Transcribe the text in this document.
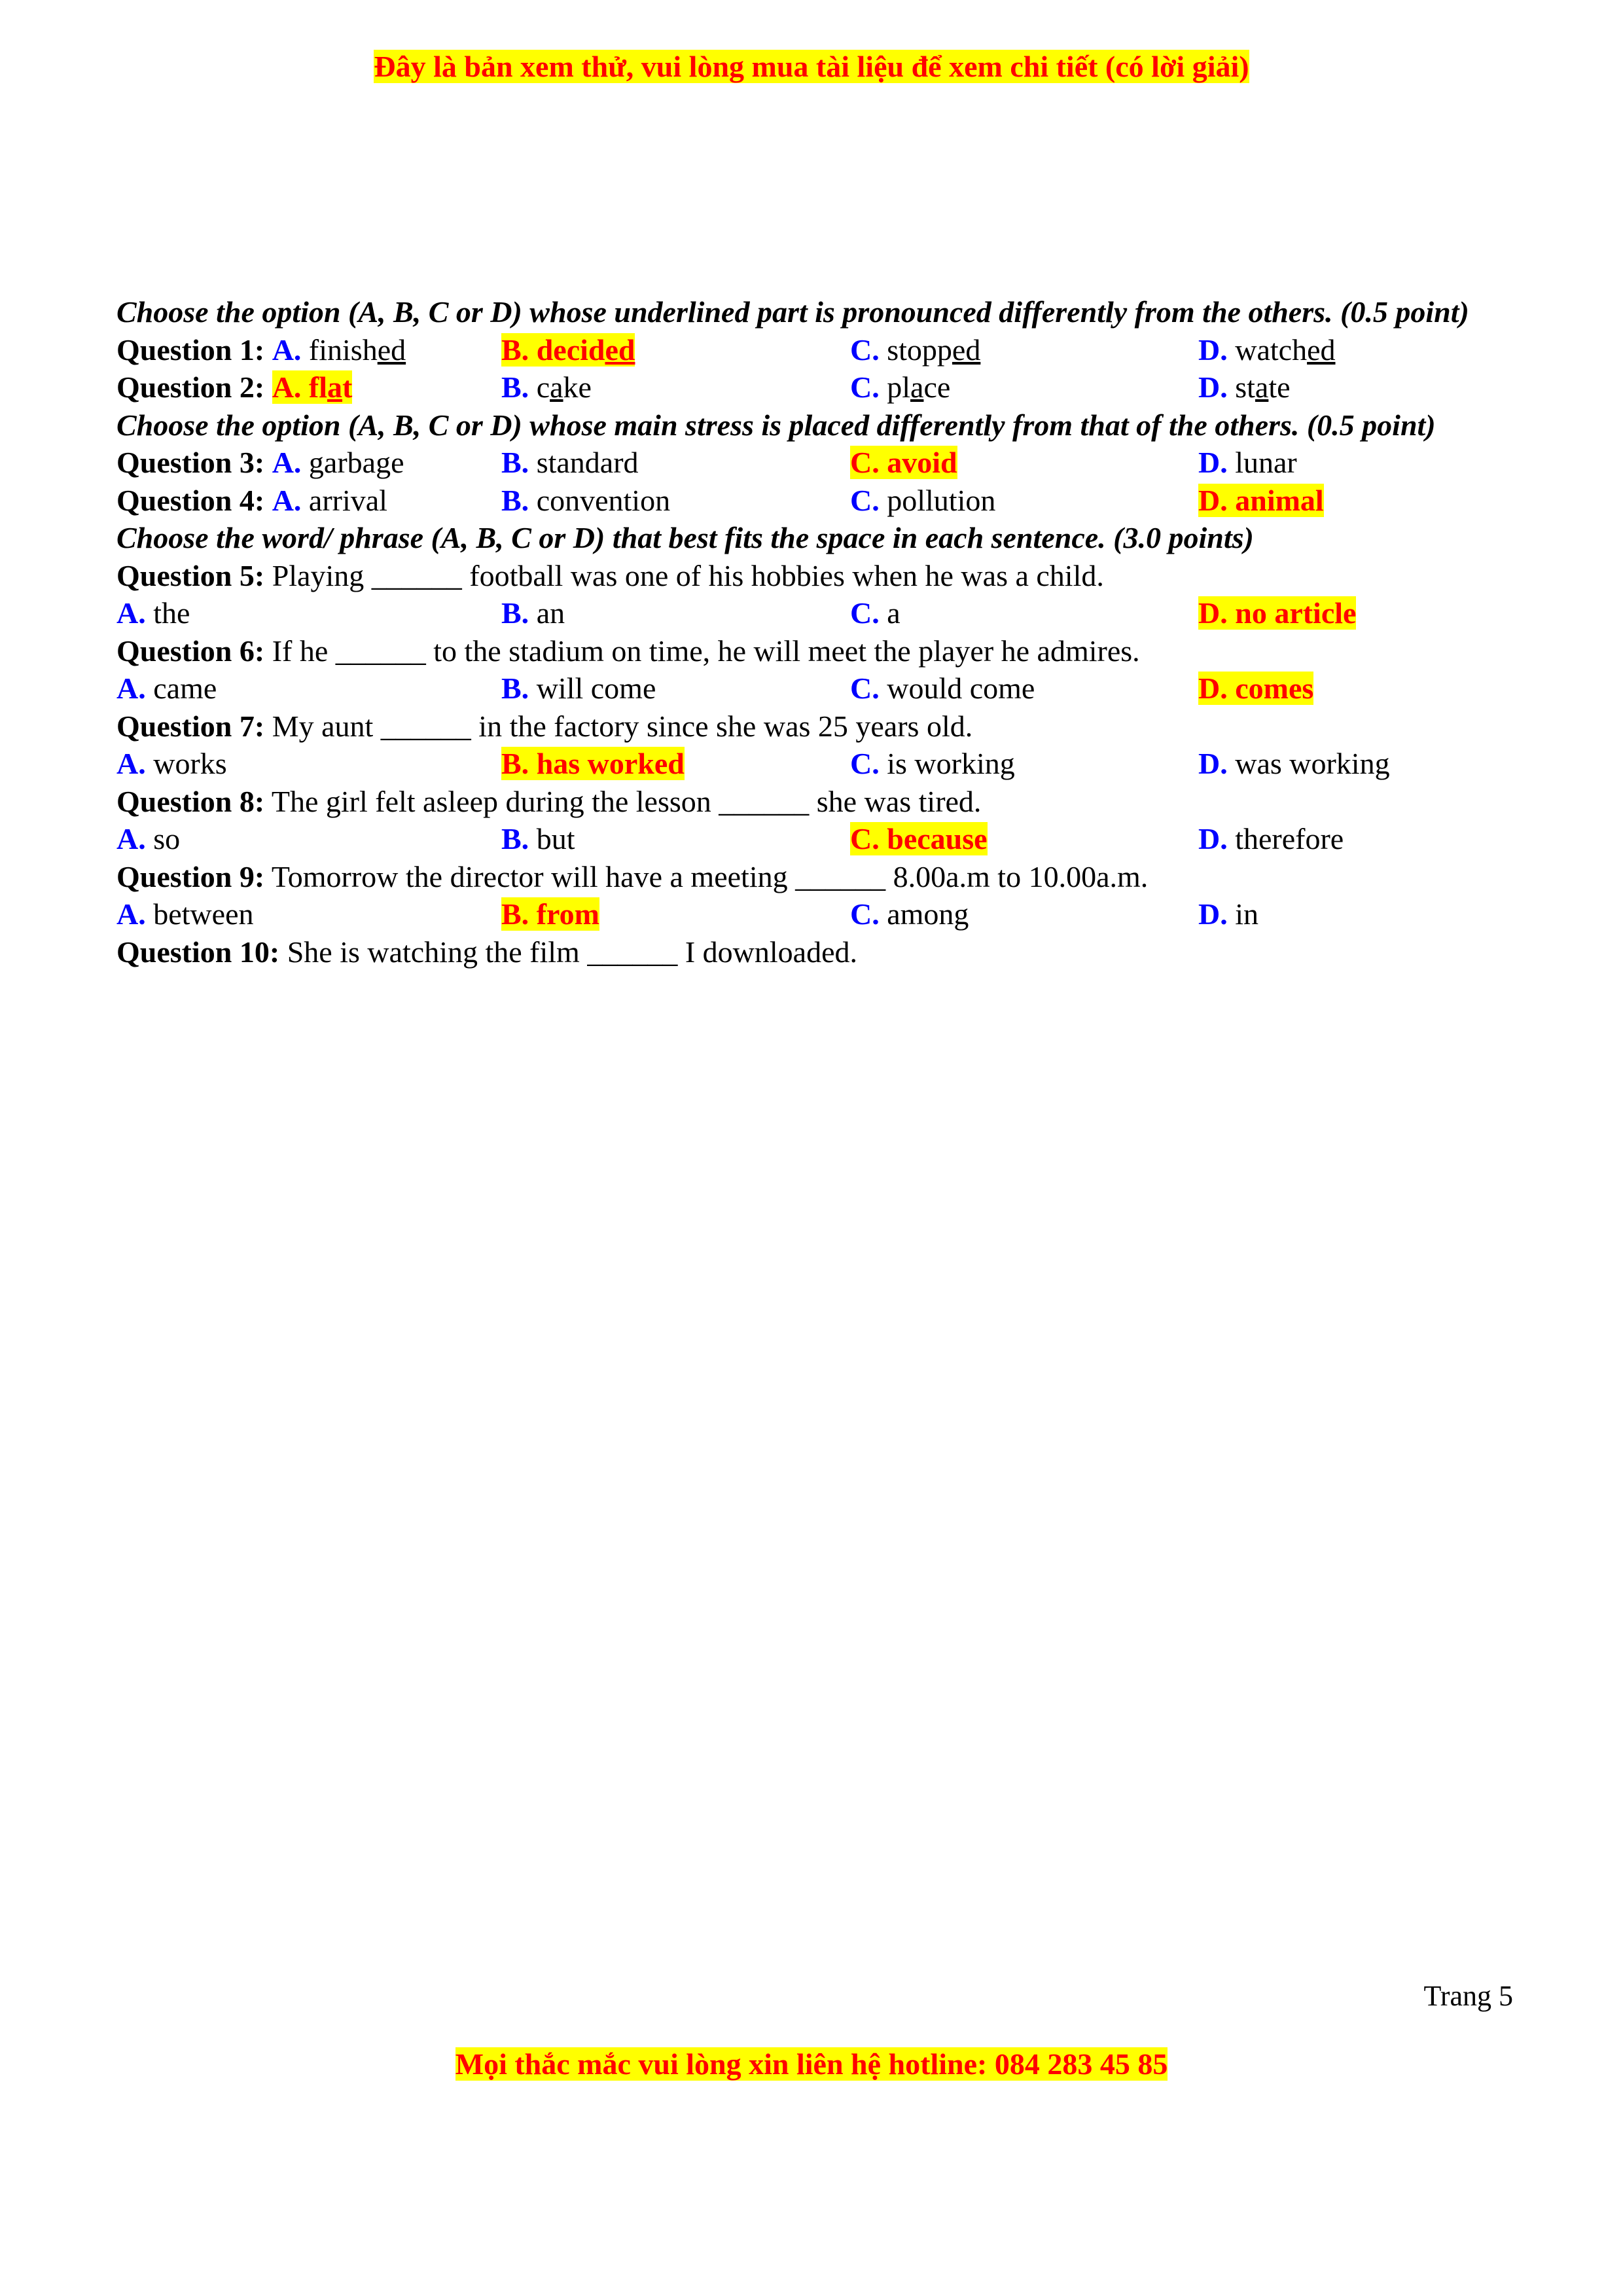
Đây là bản xem thử, vui lòng mua tài liệu để xem chi tiết (có lời giải)

Choose the option (A, B, C or D) whose underlined part is pronounced differently from the others. (0.5 point)

Question 1: A. finished	B. decided	C. stopped	D. watched
Question 2: A. flat	B. cake	C. place	D. state

Choose the option (A, B, C or D) whose main stress is placed differently from that of the others. (0.5 point)

Question 3: A. garbage	B. standard	C. avoid	D. lunar
Question 4: A. arrival	B. convention	C. pollution	D. animal

Choose the word/ phrase (A, B, C or D) that best fits the space in each sentence. (3.0 points)

Question 5: Playing ______ football was one of his hobbies when he was a child.

A. the	B. an	C. a	D. no article

Question 6: If he ______ to the stadium on time, he will meet the player he admires.

A. came	B. will come	C. would come	D. comes

Question 7: My aunt ______ in the factory since she was 25 years old.

A. works	B. has worked	C. is working	D. was working

Question 8: The girl felt asleep during the lesson ______ she was tired.

A. so	B. but	C. because	D. therefore

Question 9: Tomorrow the director will have a meeting ______ 8.00a.m to 10.00a.m.

A. between	B. from	C. among	D. in

Question 10: She is watching the film ______ I downloaded.

Trang 5
Mọi thắc mắc vui lòng xin liên hệ hotline: 084 283 45 85
